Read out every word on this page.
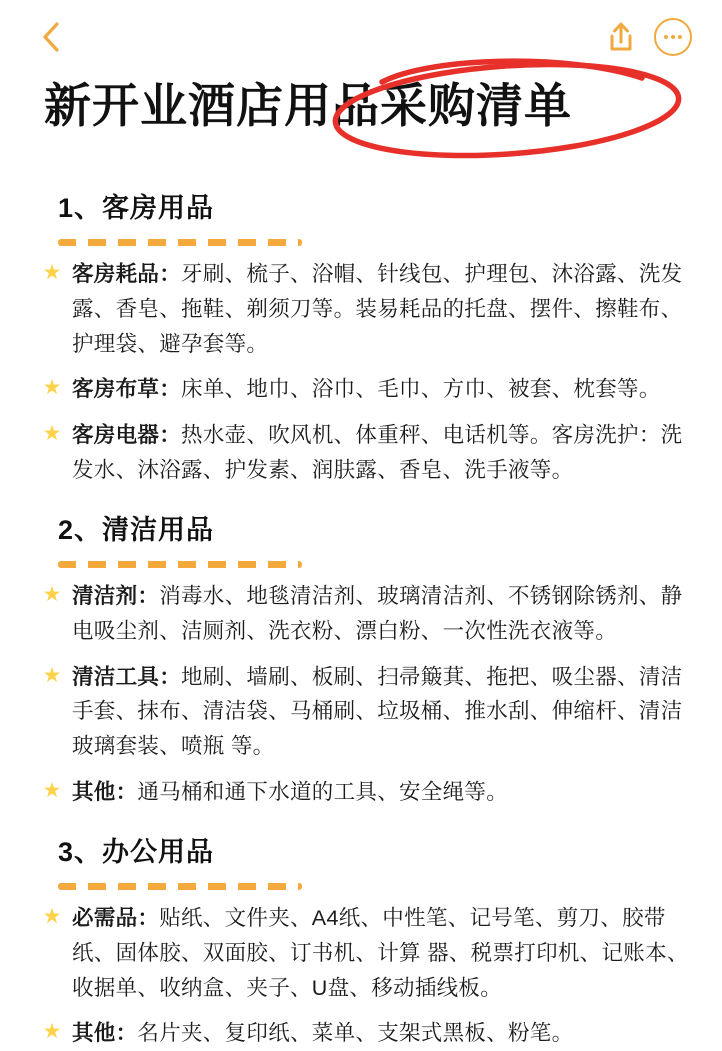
新开业酒店用品采购清单
1、客房用品
★ 客房耗品：牙刷、梳子、浴帽、针线包、护理包、沐浴露、洗发露、香皂、拖鞋、剃须刀等。装易耗品的托盘、摆件、擦鞋布、护理袋、避孕套等。
★ 客房布草：床单、地巾、浴巾、毛巾、方巾、被套、枕套等。
★ 客房电器：热水壶、吹风机、体重秤、电话机等。客房洗护：洗发水、沐浴露、护发素、润肤露、香皂、洗手液等。
2、清洁用品
★ 清洁剂：消毒水、地毯清洁剂、玻璃清洁剂、不锈钢除锈剂、静电吸尘剂、洁厕剂、洗衣粉、漂白粉、一次性洗衣液等。
★ 清洁工具：地刷、墙刷、板刷、扫帚簸萁、拖把、吸尘器、清洁手套、抹布、清洁袋、马桶刷、垃圾桶、推水刮、伸缩杆、清洁玻璃套装、喷瓶 等。
★ 其他：通马桶和通下水道的工具、安全绳等。
3、办公用品
★ 必需品：贴纸、文件夹、A4纸、中性笔、记号笔、剪刀、胶带纸、固体胶、双面胶、订书机、计算 器、税票打印机、记账本、收据单、收纳盒、夹子、U盘、移动插线板。
★ 其他：名片夹、复印纸、菜单、支架式黑板、粉笔。
